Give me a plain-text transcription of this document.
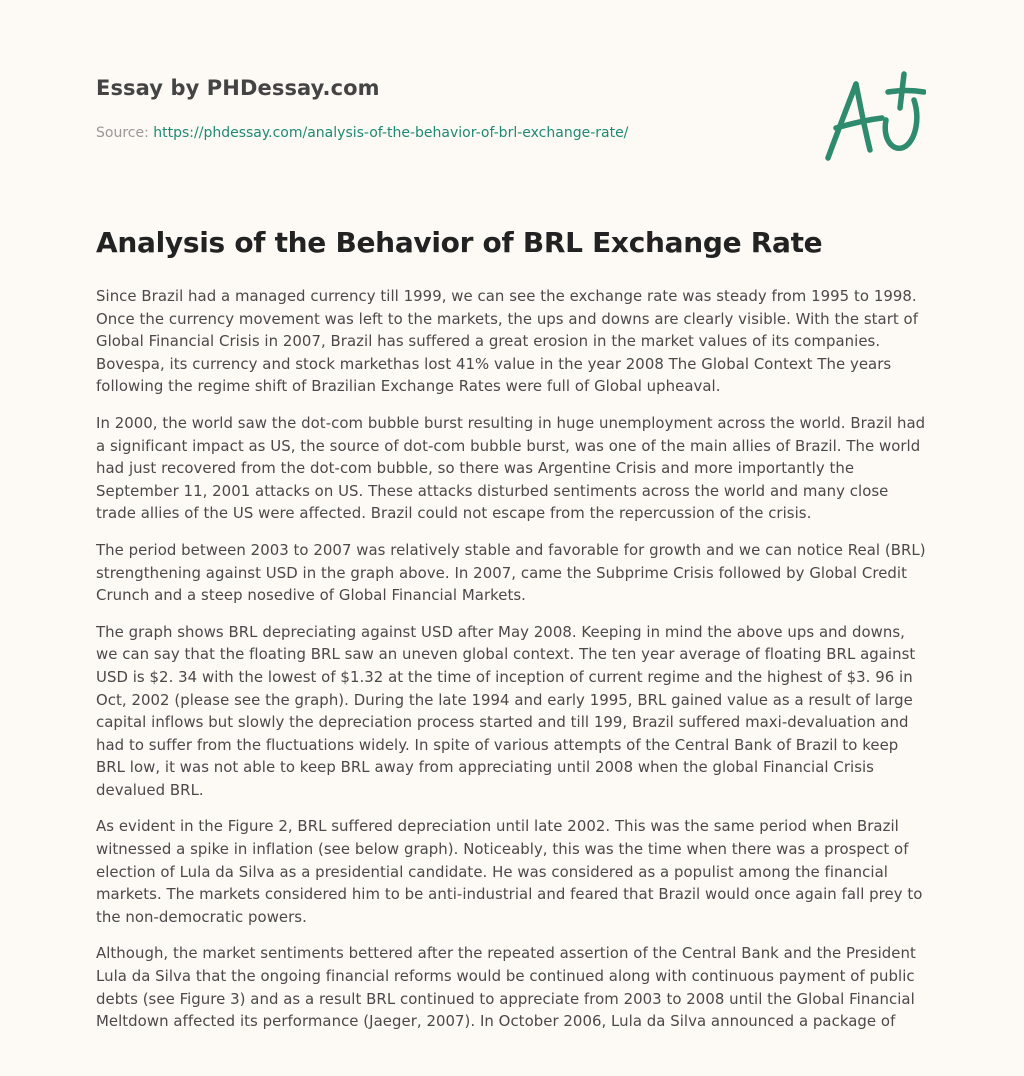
Essay by PHDessay.com
Source: https://phdessay.com/analysis-of-the-behavior-of-brl-exchange-rate/
Analysis of the Behavior of BRL Exchange Rate

Since Brazil had a managed currency till 1999, we can see the exchange rate was steady from 1995 to 1998. Once the currency movement was left to the markets, the ups and downs are clearly visible. With the start of Global Financial Crisis in 2007, Brazil has suffered a great erosion in the market values of its companies. Bovespa, its currency and stock markethas lost 41% value in the year 2008 The Global Context The years following the regime shift of Brazilian Exchange Rates were full of Global upheaval.

In 2000, the world saw the dot-com bubble burst resulting in huge unemployment across the world. Brazil had a significant impact as US, the source of dot-com bubble burst, was one of the main allies of Brazil. The world had just recovered from the dot-com bubble, so there was Argentine Crisis and more importantly the September 11, 2001 attacks on US. These attacks disturbed sentiments across the world and many close trade allies of the US were affected. Brazil could not escape from the repercussion of the crisis.

The period between 2003 to 2007 was relatively stable and favorable for growth and we can notice Real (BRL) strengthening against USD in the graph above. In 2007, came the Subprime Crisis followed by Global Credit Crunch and a steep nosedive of Global Financial Markets.

The graph shows BRL depreciating against USD after May 2008. Keeping in mind the above ups and downs, we can say that the floating BRL saw an uneven global context. The ten year average of floating BRL against USD is $2. 34 with the lowest of $1.32 at the time of inception of current regime and the highest of $3. 96 in Oct, 2002 (please see the graph). During the late 1994 and early 1995, BRL gained value as a result of large capital inflows but slowly the depreciation process started and till 199, Brazil suffered maxi-devaluation and had to suffer from the fluctuations widely. In spite of various attempts of the Central Bank of Brazil to keep BRL low, it was not able to keep BRL away from appreciating until 2008 when the global Financial Crisis devalued BRL.

As evident in the Figure 2, BRL suffered depreciation until late 2002. This was the same period when Brazil witnessed a spike in inflation (see below graph). Noticeably, this was the time when there was a prospect of election of Lula da Silva as a presidential candidate. He was considered as a populist among the financial markets. The markets considered him to be anti-industrial and feared that Brazil would once again fall prey to the non-democratic powers.

Although, the market sentiments bettered after the repeated assertion of the Central Bank and the President Lula da Silva that the ongoing financial reforms would be continued along with continuous payment of public debts (see Figure 3) and as a result BRL continued to appreciate from 2003 to 2008 until the Global Financial Meltdown affected its performance (Jaeger, 2007). In October 2006, Lula da Silva announced a package of
